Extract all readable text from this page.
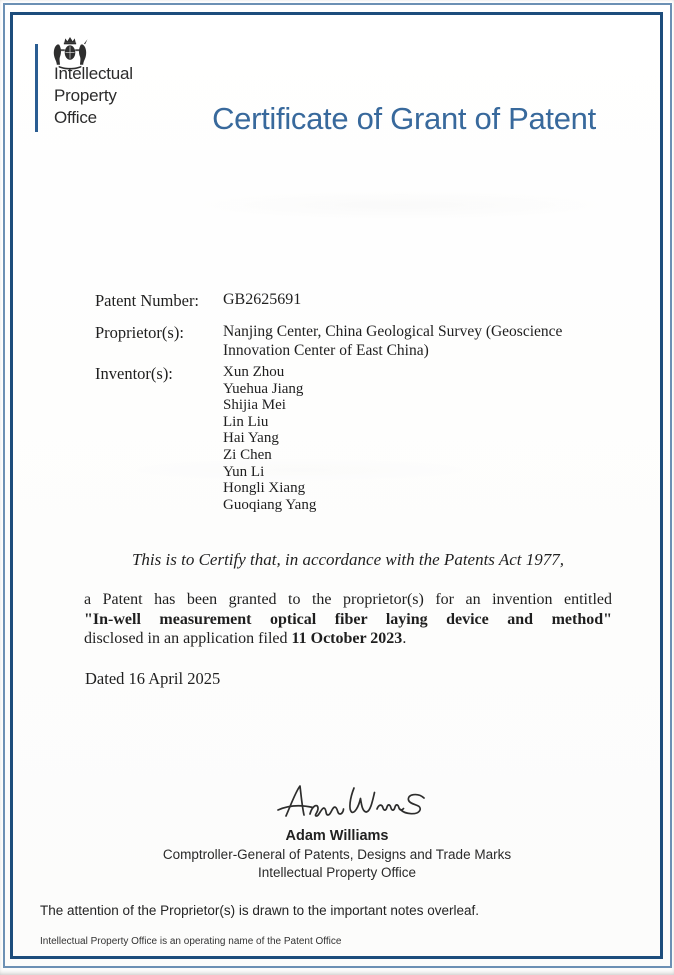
Intellectual
Property
Office	Certificate of Grant of Patent
Patent Number: GB2625691
Proprietor(s):	Nanjing Center, China Geological Survey (Geoscience Innovation Center of East China)
Inventor(s):	Xun Zhou
Yuehua Jiang
Shijia Mei
Lin Liu
Hai Yang
Zi Chen
Yun Li
Hongli Xiang
Guoqiang Yang
This is to Certify that, in accordance with the Patents Act 1977,
a Patent has been granted to the proprietor(s) for an invention entitled
"In-well measurement optical fiber laying device and method"
disclosed in an application filed 11 October 2023.
Dated 16 April 2025
Adam Williams
Comptroller-General of Patents, Designs and Trade Marks
Intellectual Property Office
The attention of the Proprietor(s) is drawn to the important notes overleaf.
Intellectual Property Office is an operating name of the Patent Office
